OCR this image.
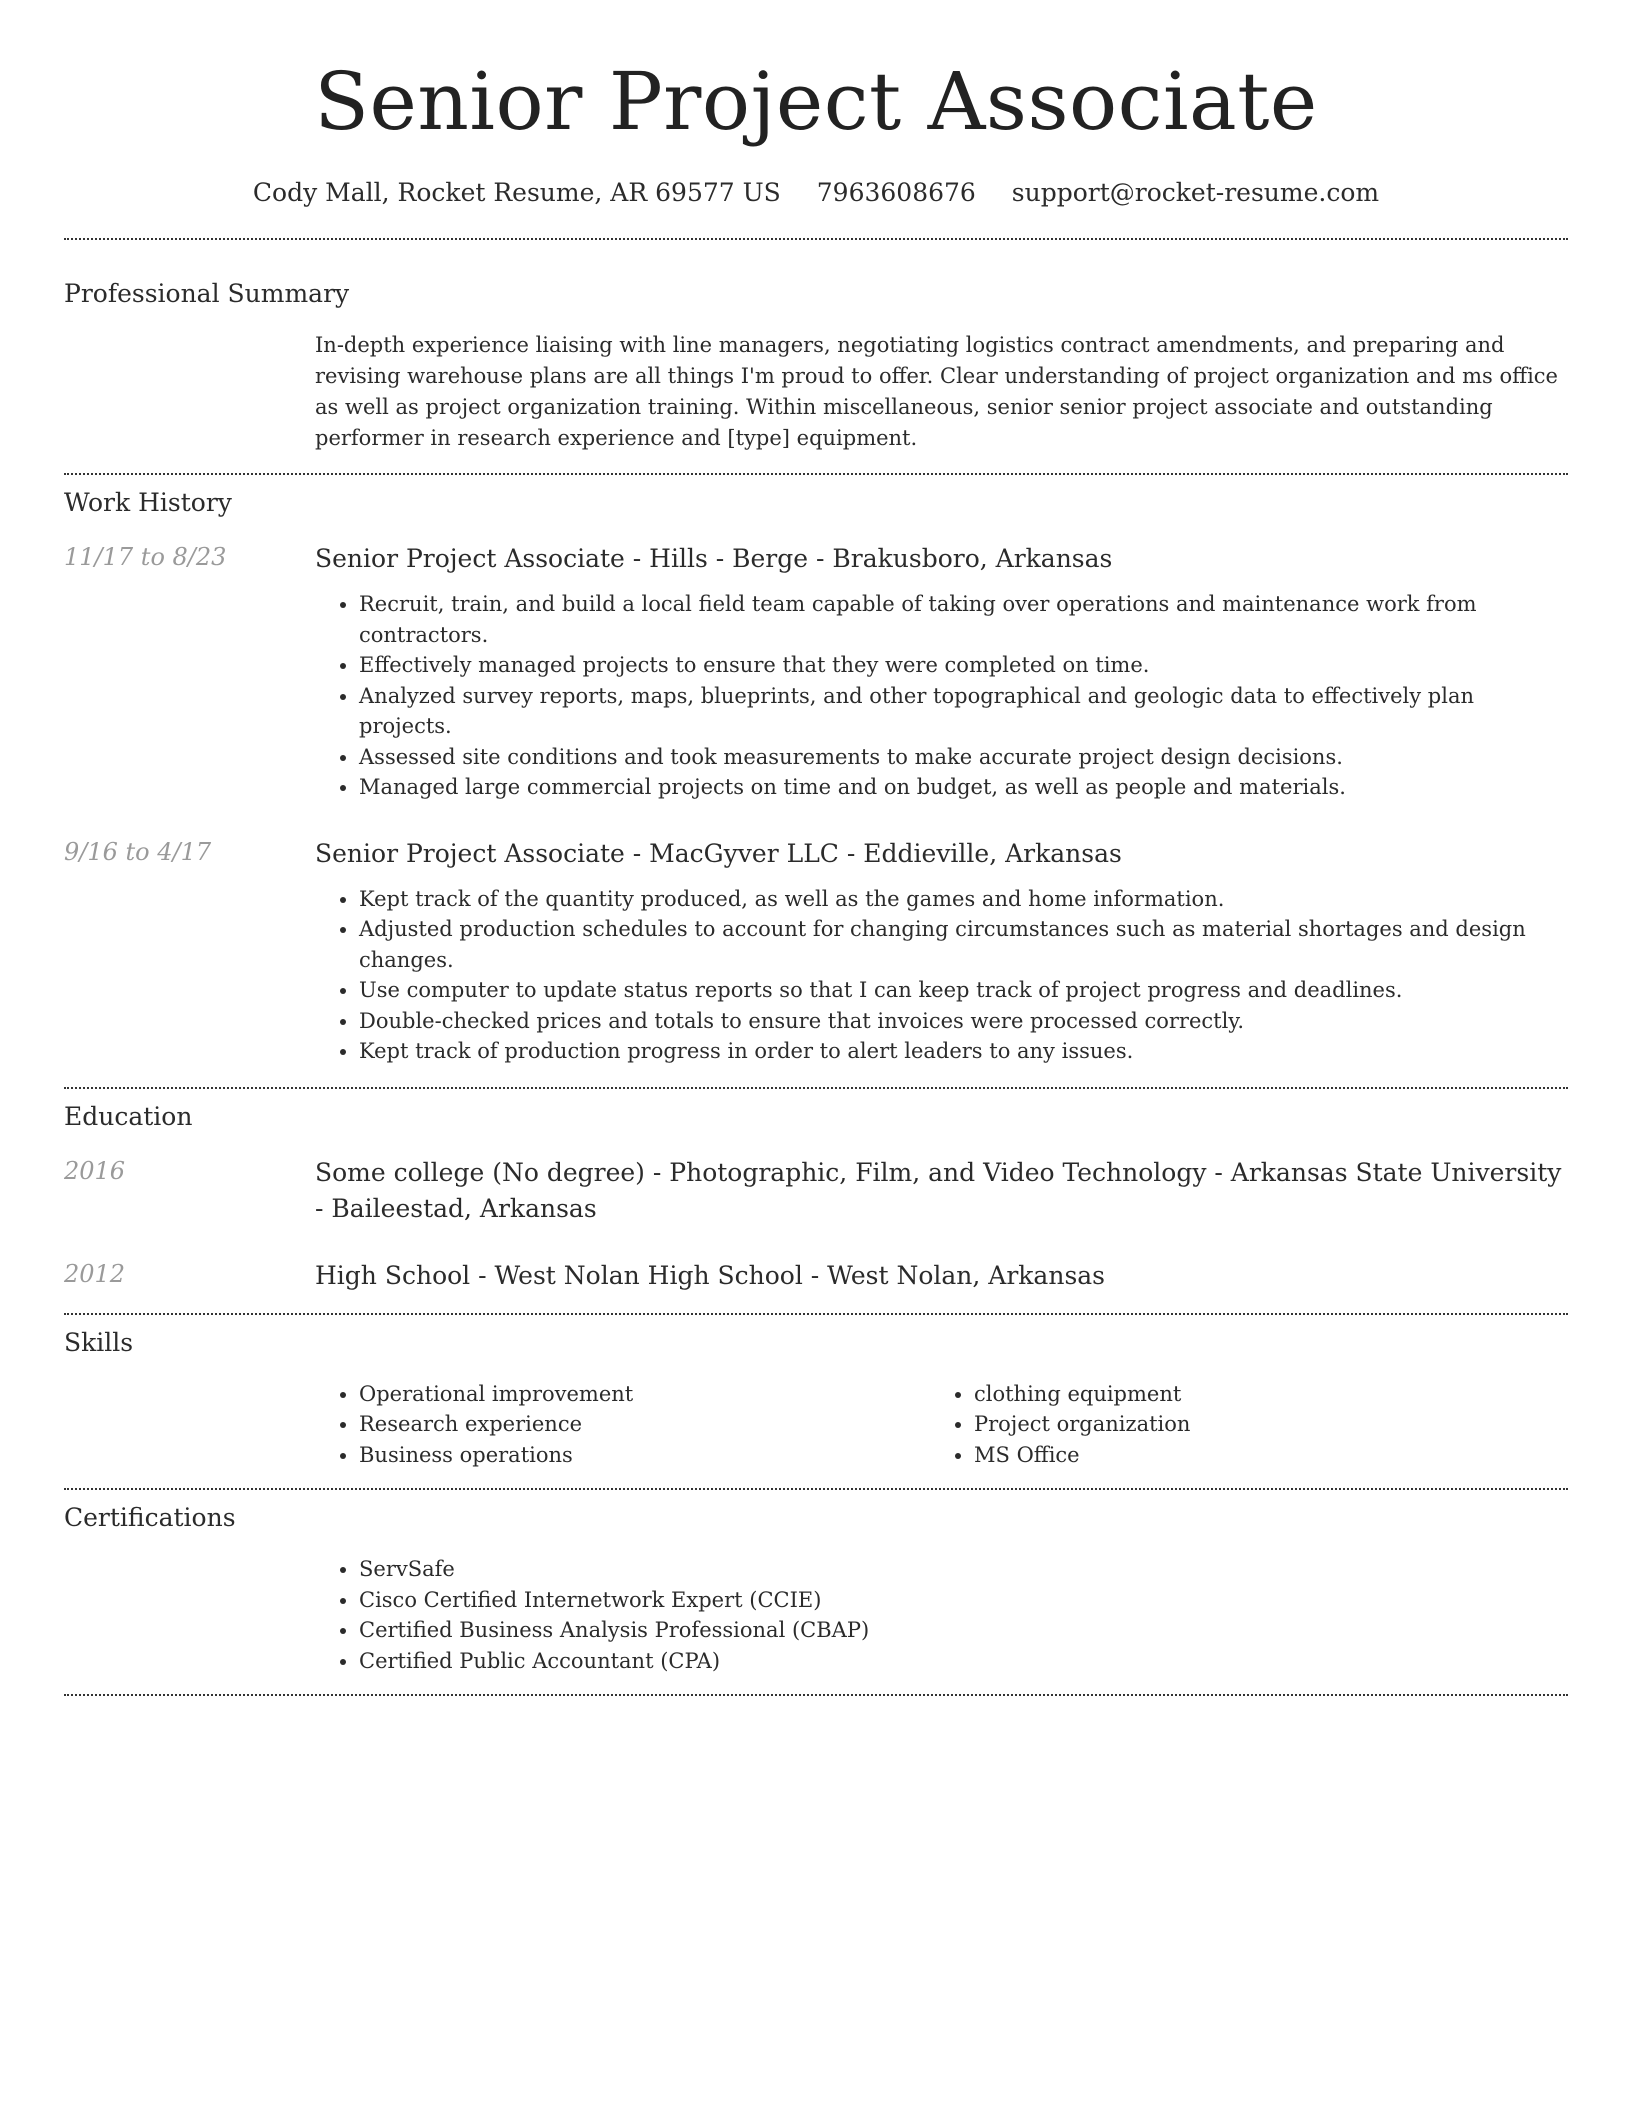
Senior Project Associate
Cody Mall, Rocket Resume, AR 69577 US 7963608676 support@rocket-resume.com
Professional Summary

In-depth experience liaising with line managers, negotiating logistics contract amendments, and preparing and revising warehouse plans are all things I'm proud to offer. Clear understanding of project organization and ms office as well as project organization training. Within miscellaneous, senior senior project associate and outstanding performer in research experience and [type] equipment.

Work History
11/17 to 8/23	Senior Project Associate - Hills - Berge - Brakusboro, Arkansas
• Recruit, train, and build a local field team capable of taking over operations and maintenance work from contractors.
• Effectively managed projects to ensure that they were completed on time.
• Analyzed survey reports, maps, blueprints, and other topographical and geologic data to effectively plan projects.
• Assessed site conditions and took measurements to make accurate project design decisions.
• Managed large commercial projects on time and on budget, as well as people and materials.
9/16 to 4/17	Senior Project Associate - MacGyver LLC - Eddieville, Arkansas
• Kept track of the quantity produced, as well as the games and home information.
• Adjusted production schedules to account for changing circumstances such as material shortages and design changes.
• Use computer to update status reports so that I can keep track of project progress and deadlines.
• Double-checked prices and totals to ensure that invoices were processed correctly.
• Kept track of production progress in order to alert leaders to any issues.
Education
2016	Some college (No degree) - Photographic, Film, and Video Technology - Arkansas State University - Baileestad, Arkansas
2012	High School - West Nolan High School - West Nolan, Arkansas
Skills
• Operational improvement
• Research experience
• Business operations
• clothing equipment
• Project organization
• MS Office
Certifications
• ServSafe
• Cisco Certified Internetwork Expert (CCIE)
• Certified Business Analysis Professional (CBAP)
• Certified Public Accountant (CPA)
